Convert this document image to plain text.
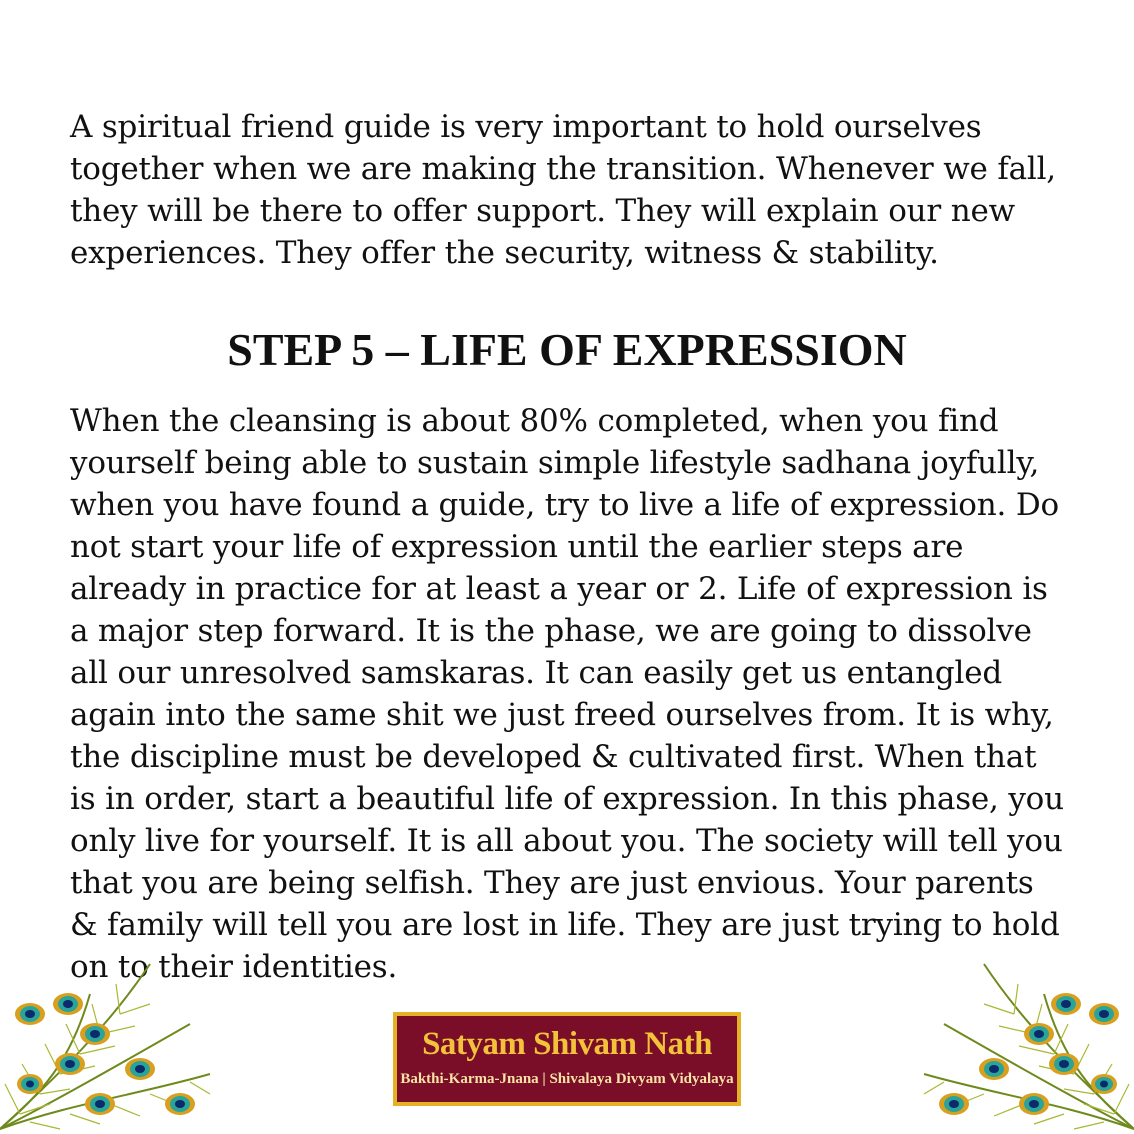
A spiritual friend guide is very important to hold ourselves together when we are making the transition. Whenever we fall, they will be there to offer support. They will explain our new experiences. They offer the security, witness & stability.

STEP 5 – LIFE OF EXPRESSION

When the cleansing is about 80% completed, when you find yourself being able to sustain simple lifestyle sadhana joyfully, when you have found a guide, try to live a life of expression. Do not start your life of expression until the earlier steps are already in practice for at least a year or 2. Life of expression is a major step forward. It is the phase, we are going to dissolve all our unresolved samskaras. It can easily get us entangled again into the same shit we just freed ourselves from. It is why, the discipline must be developed & cultivated first. When that is in order, start a beautiful life of expression. In this phase, you only live for yourself. It is all about you. The society will tell you that you are being selfish. They are just envious. Your parents & family will tell you are lost in life. They are just trying to hold on to their identities.

Satyam Shivam Nath
Bakthi-Karma-Jnana | Shivalaya Divyam Vidyalaya
